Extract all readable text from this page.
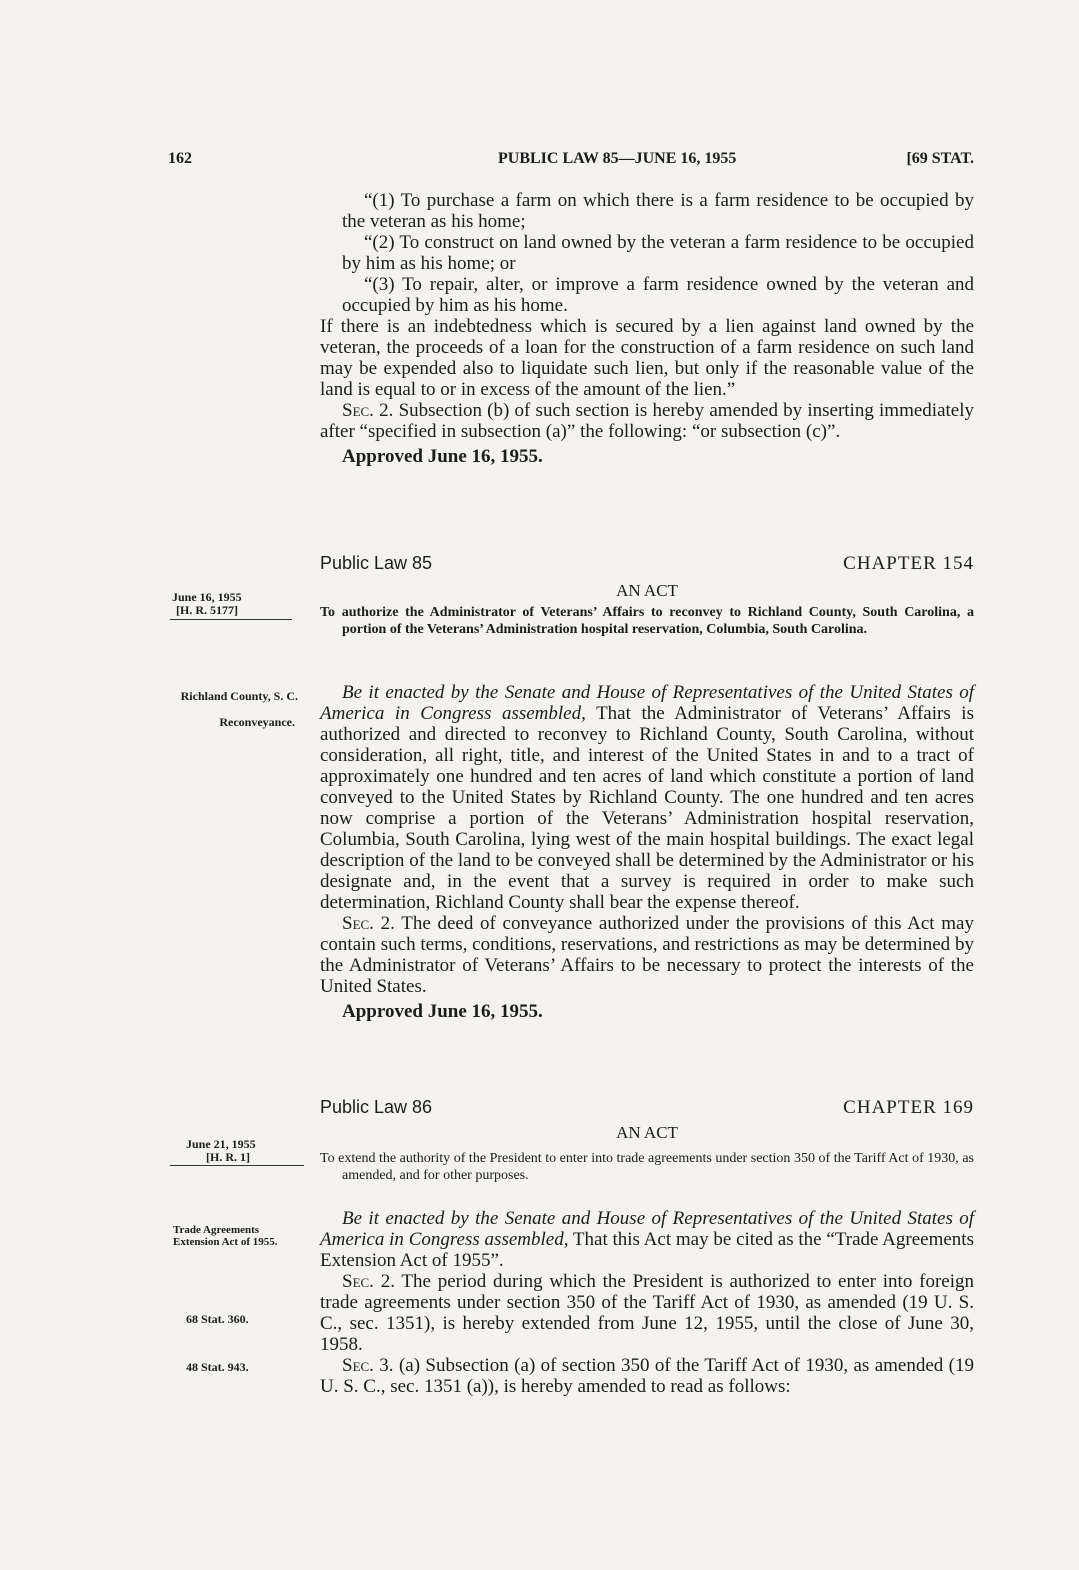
162	PUBLIC LAW 85—JUNE 16, 1955	[69 STAT.

“(1) To purchase a farm on which there is a farm residence to be occupied by the veteran as his home;

“(2) To construct on land owned by the veteran a farm residence to be occupied by him as his home; or

“(3) To repair, alter, or improve a farm residence owned by the veteran and occupied by him as his home.

If there is an indebtedness which is secured by a lien against land owned by the veteran, the proceeds of a loan for the construction of a farm residence on such land may be expended also to liquidate such lien, but only if the reasonable value of the land is equal to or in excess of the amount of the lien.”

Sec. 2. Subsection (b) of such section is hereby amended by inserting immediately after “specified in subsection (a)” the following: “or subsection (c)”.

Approved June 16, 1955.

Public Law 85	CHAPTER 154
AN ACT

To authorize the Administrator of Veterans’ Affairs to reconvey to Richland County, South Carolina, a portion of the Veterans’ Administration hospital reservation, Columbia, South Carolina.

June 16, 1955
[H. R. 5177]
Richland County, S. C.
Reconveyance.

Be it enacted by the Senate and House of Representatives of the United States of America in Congress assembled, That the Administrator of Veterans’ Affairs is authorized and directed to reconvey to Richland County, South Carolina, without consideration, all right, title, and interest of the United States in and to a tract of approximately one hundred and ten acres of land which constitute a portion of land conveyed to the United States by Richland County. The one hundred and ten acres now comprise a portion of the Veterans’ Administration hospital reservation, Columbia, South Carolina, lying west of the main hospital buildings. The exact legal description of the land to be conveyed shall be determined by the Administrator or his designate and, in the event that a survey is required in order to make such determination, Richland County shall bear the expense thereof.

Sec. 2. The deed of conveyance authorized under the provisions of this Act may contain such terms, conditions, reservations, and restrictions as may be determined by the Administrator of Veterans’ Affairs to be necessary to protect the interests of the United States.

Approved June 16, 1955.

Public Law 86	CHAPTER 169
AN ACT

To extend the authority of the President to enter into trade agreements under section 350 of the Tariff Act of 1930, as amended, and for other purposes.

June 21, 1955
[H. R. 1]
Trade Agreements Extension Act of 1955.
68 Stat. 360.
48 Stat. 943.

Be it enacted by the Senate and House of Representatives of the United States of America in Congress assembled, That this Act may be cited as the “Trade Agreements Extension Act of 1955”.

Sec. 2. The period during which the President is authorized to enter into foreign trade agreements under section 350 of the Tariff Act of 1930, as amended (19 U. S. C., sec. 1351), is hereby extended from June 12, 1955, until the close of June 30, 1958.

Sec. 3. (a) Subsection (a) of section 350 of the Tariff Act of 1930, as amended (19 U. S. C., sec. 1351 (a)), is hereby amended to read as follows:
